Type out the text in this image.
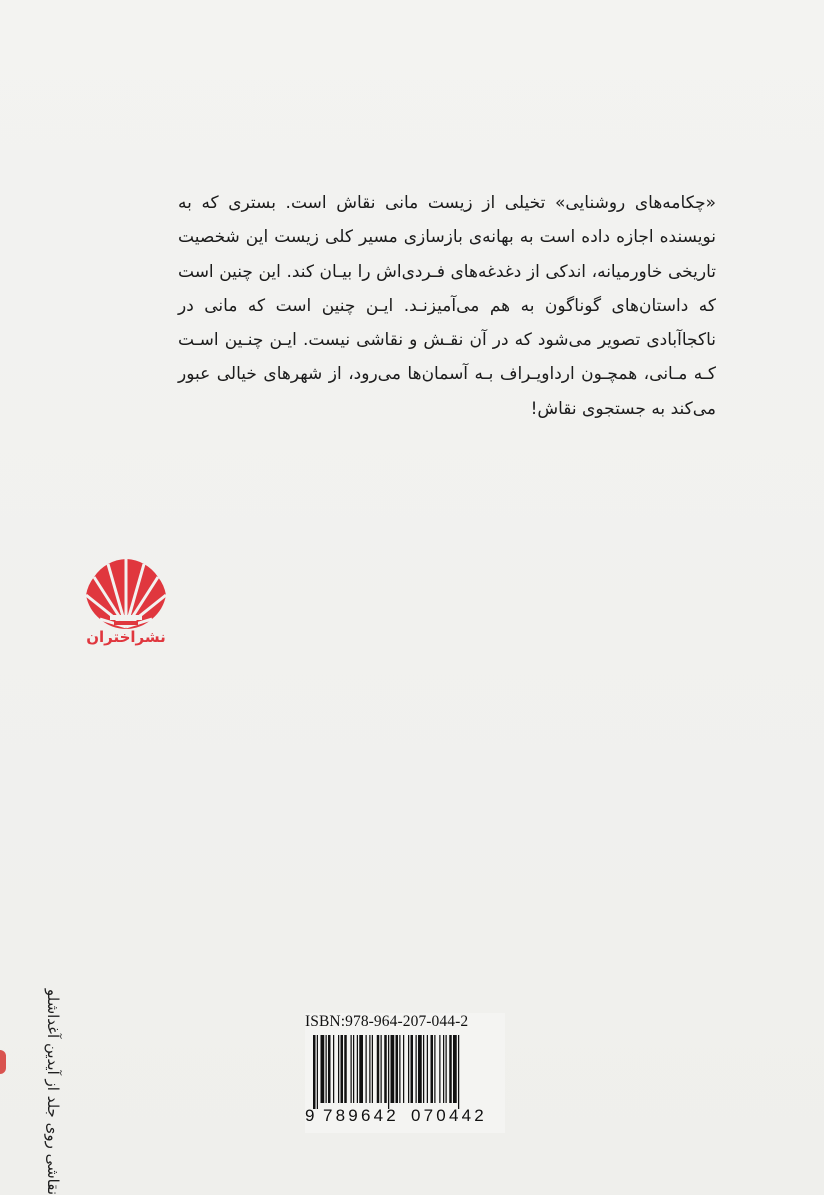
«چکامه‌های روشنایی» تخیلی از زیست مانی نقاش است. بستری که به نویسنده اجازه داده است به بهانه‌ی بازسازی مسیر کلی زیست این شخصیت تاریخی خاورمیانه، اندکی از دغدغه‌های فـردی‌اش را بیـان کند. این چنین است که داستان‌های گوناگون به هم می‌آمیزنـد. ایـن چنین است که مانی در ناکجاآبادی تصویر می‌شود که در آن نقـش و نقاشی نیست. ایـن چنـین اسـت کـه مـانی، همچـون ارداویـراف بـه آسمان‌ها می‌رود، از شهرهای خیالی عبور می‌کند به جستجوی نقاش!

نشراختران
نقاشی روی جلد از آیدین آغداشلو	ISBN:978-964-207-044-2
9 789642 070442
